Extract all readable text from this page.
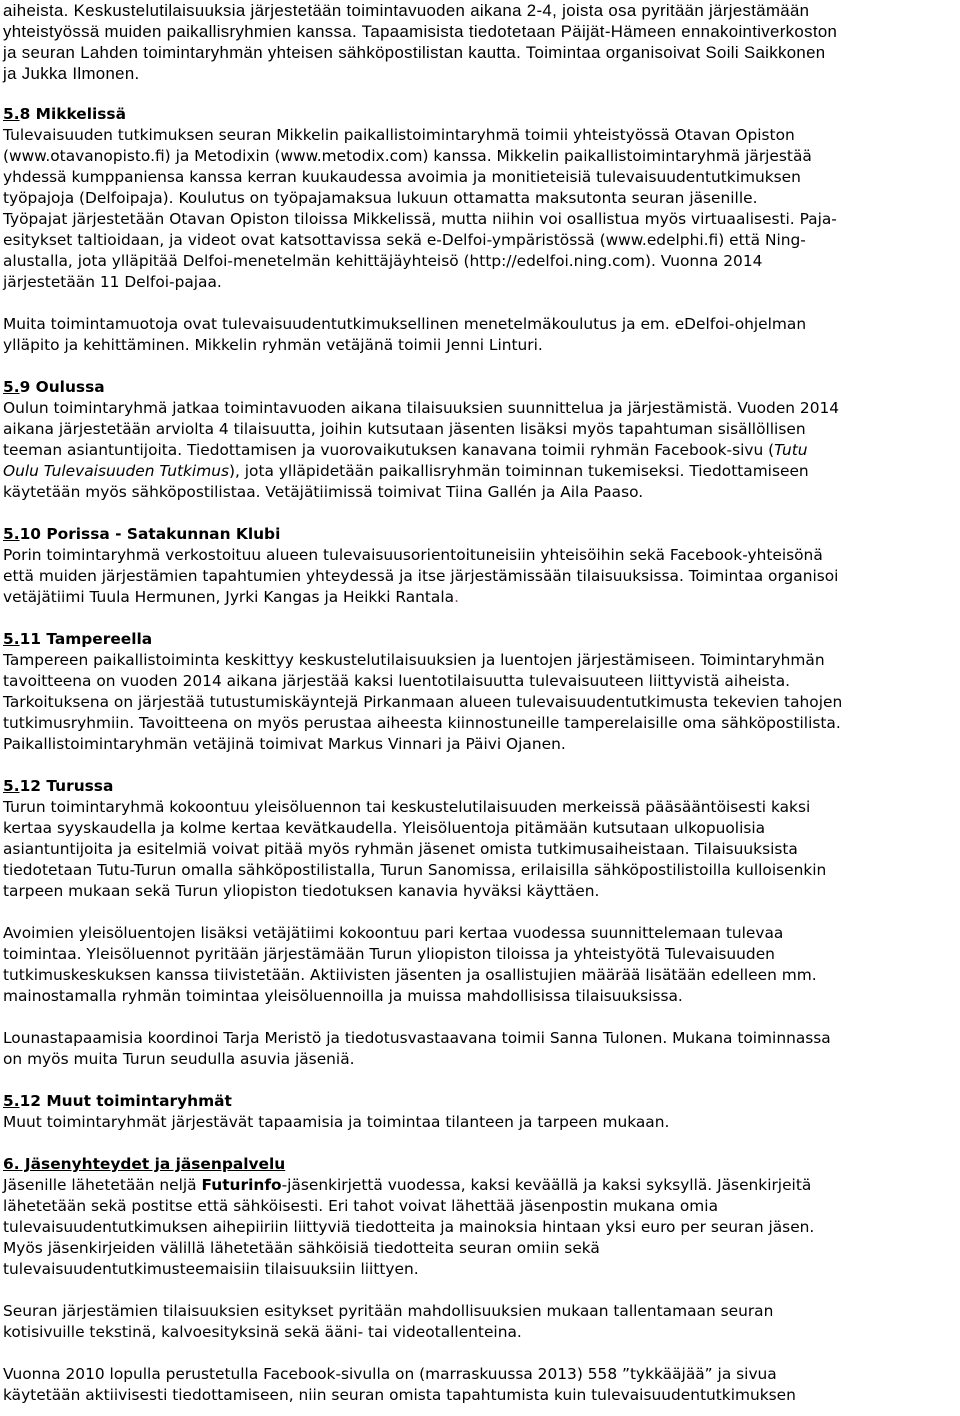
aiheista. Keskustelutilaisuuksia järjestetään toimintavuoden aikana 2-4, joista osa pyritään järjestämään
yhteistyössä muiden paikallisryhmien kanssa. Tapaamisista tiedotetaan Päijät-Hämeen ennakointiverkoston
ja seuran Lahden toimintaryhmän yhteisen sähköpostilistan kautta. Toimintaa organisoivat Soili Saikkonen
ja Jukka Ilmonen.
5.8 Mikkelissä
Tulevaisuuden tutkimuksen seuran Mikkelin paikallistoimintaryhmä toimii yhteistyössä Otavan Opiston
(www.otavanopisto.fi) ja Metodixin (www.metodix.com) kanssa. Mikkelin paikallistoimintaryhmä järjestää
yhdessä kumppaniensa kanssa kerran kuukaudessa avoimia ja monitieteisiä tulevaisuudentutkimuksen
työpajoja (Delfoipaja). Koulutus on työpajamaksua lukuun ottamatta maksutonta seuran jäsenille.
Työpajat järjestetään Otavan Opiston tiloissa Mikkelissä, mutta niihin voi osallistua myös virtuaalisesti. Paja-
esitykset taltioidaan, ja videot ovat katsottavissa sekä e-Delfoi-ympäristössä (www.edelphi.fi) että Ning-
alustalla, jota ylläpitää Delfoi-menetelmän kehittäjäyhteisö (http://edelfoi.ning.com). Vuonna 2014
järjestetään 11 Delfoi-pajaa.
Muita toimintamuotoja ovat tulevaisuudentutkimuksellinen menetelmäkoulutus ja em. eDelfoi-ohjelman
ylläpito ja kehittäminen. Mikkelin ryhmän vetäjänä toimii Jenni Linturi.
5.9 Oulussa
Oulun toimintaryhmä jatkaa toimintavuoden aikana tilaisuuksien suunnittelua ja järjestämistä. Vuoden 2014
aikana järjestetään arviolta 4 tilaisuutta, joihin kutsutaan jäsenten lisäksi myös tapahtuman sisällöllisen
teeman asiantuntijoita. Tiedottamisen ja vuorovaikutuksen kanavana toimii ryhmän Facebook-sivu (Tutu
Oulu Tulevaisuuden Tutkimus), jota ylläpidetään paikallisryhmän toiminnan tukemiseksi. Tiedottamiseen
käytetään myös sähköpostilistaa. Vetäjätiimissä toimivat Tiina Gallén ja Aila Paaso.
5.10 Porissa - Satakunnan Klubi
Porin toimintaryhmä verkostoituu alueen tulevaisuusorientoituneisiin yhteisöihin sekä Facebook-yhteisönä
että muiden järjestämien tapahtumien yhteydessä ja itse järjestämissään tilaisuuksissa. Toimintaa organisoi
vetäjätiimi Tuula Hermunen, Jyrki Kangas ja Heikki Rantala.
5.11 Tampereella
Tampereen paikallistoiminta keskittyy keskustelutilaisuuksien ja luentojen järjestämiseen. Toimintaryhmän
tavoitteena on vuoden 2014 aikana järjestää kaksi luentotilaisuutta tulevaisuuteen liittyvistä aiheista.
Tarkoituksena on järjestää tutustumiskäyntejä Pirkanmaan alueen tulevaisuudentutkimusta tekevien tahojen
tutkimusryhmiin. Tavoitteena on myös perustaa aiheesta kiinnostuneille tamperelaisille oma sähköpostilista.
Paikallistoimintaryhmän vetäjinä toimivat Markus Vinnari ja Päivi Ojanen.
5.12 Turussa
Turun toimintaryhmä kokoontuu yleisöluennon tai keskustelutilaisuuden merkeissä pääsääntöisesti kaksi
kertaa syyskaudella ja kolme kertaa kevätkaudella. Yleisöluentoja pitämään kutsutaan ulkopuolisia
asiantuntijoita ja esitelmiä voivat pitää myös ryhmän jäsenet omista tutkimusaiheistaan. Tilaisuuksista
tiedotetaan Tutu-Turun omalla sähköpostilistalla, Turun Sanomissa, erilaisilla sähköpostilistoilla kulloisenkin
tarpeen mukaan sekä Turun yliopiston tiedotuksen kanavia hyväksi käyttäen.
Avoimien yleisöluentojen lisäksi vetäjätiimi kokoontuu pari kertaa vuodessa suunnittelemaan tulevaa
toimintaa. Yleisöluennot pyritään järjestämään Turun yliopiston tiloissa ja yhteistyötä Tulevaisuuden
tutkimuskeskuksen kanssa tiivistetään. Aktiivisten jäsenten ja osallistujien määrää lisätään edelleen mm.
mainostamalla ryhmän toimintaa yleisöluennoilla ja muissa mahdollisissa tilaisuuksissa.
Lounastapaamisia koordinoi Tarja Meristö ja tiedotusvastaavana toimii Sanna Tulonen. Mukana toiminnassa
on myös muita Turun seudulla asuvia jäseniä.
5.12 Muut toimintaryhmät
Muut toimintaryhmät järjestävät tapaamisia ja toimintaa tilanteen ja tarpeen mukaan.
6. Jäsenyhteydet ja jäsenpalvelu
Jäsenille lähetetään neljä Futurinfo-jäsenkirjettä vuodessa, kaksi keväällä ja kaksi syksyllä. Jäsenkirjeitä
lähetetään sekä postitse että sähköisesti. Eri tahot voivat lähettää jäsenpostin mukana omia
tulevaisuudentutkimuksen aihepiiriin liittyviä tiedotteita ja mainoksia hintaan yksi euro per seuran jäsen.
Myös jäsenkirjeiden välillä lähetetään sähköisiä tiedotteita seuran omiin sekä
tulevaisuudentutkimusteemaisiin tilaisuuksiin liittyen.
Seuran järjestämien tilaisuuksien esitykset pyritään mahdollisuuksien mukaan tallentamaan seuran
kotisivuille tekstinä, kalvoesityksinä sekä ääni- tai videotallenteina.
Vuonna 2010 lopulla perustetulla Facebook-sivulla on (marraskuussa 2013) 558 ”tykkääjää” ja sivua
käytetään aktiivisesti tiedottamiseen, niin seuran omista tapahtumista kuin tulevaisuudentutkimuksen
